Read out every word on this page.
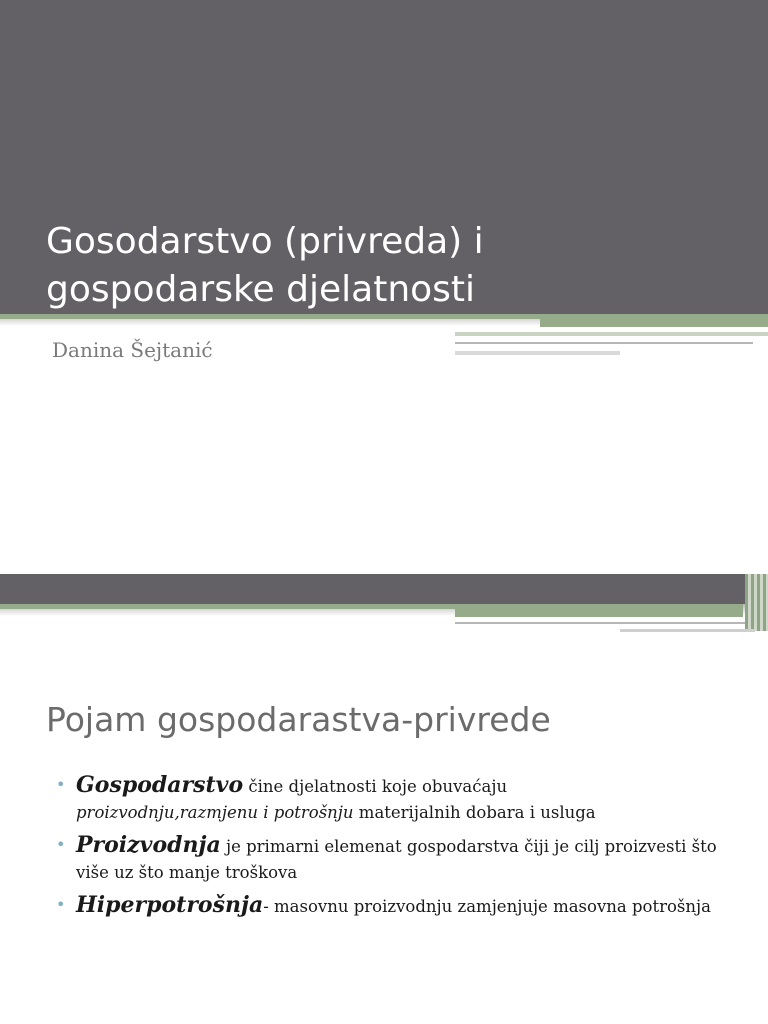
Gosodarstvo (privreda) i
gospodarske djelatnosti

Danina Šejtanić

Pojam gospodarastva-privrede
• Gospodarstvo čine djelatnosti koje obuvaćaju
proizvodnju,razmjenu i potrošnju materijalnih dobara i usluga
• Proizvodnja je primarni elemenat gospodarstva čiji je cilj proizvesti što više uz što manje troškova
• Hiperpotrošnja- masovnu proizvodnju zamjenjuje masovna potrošnja
